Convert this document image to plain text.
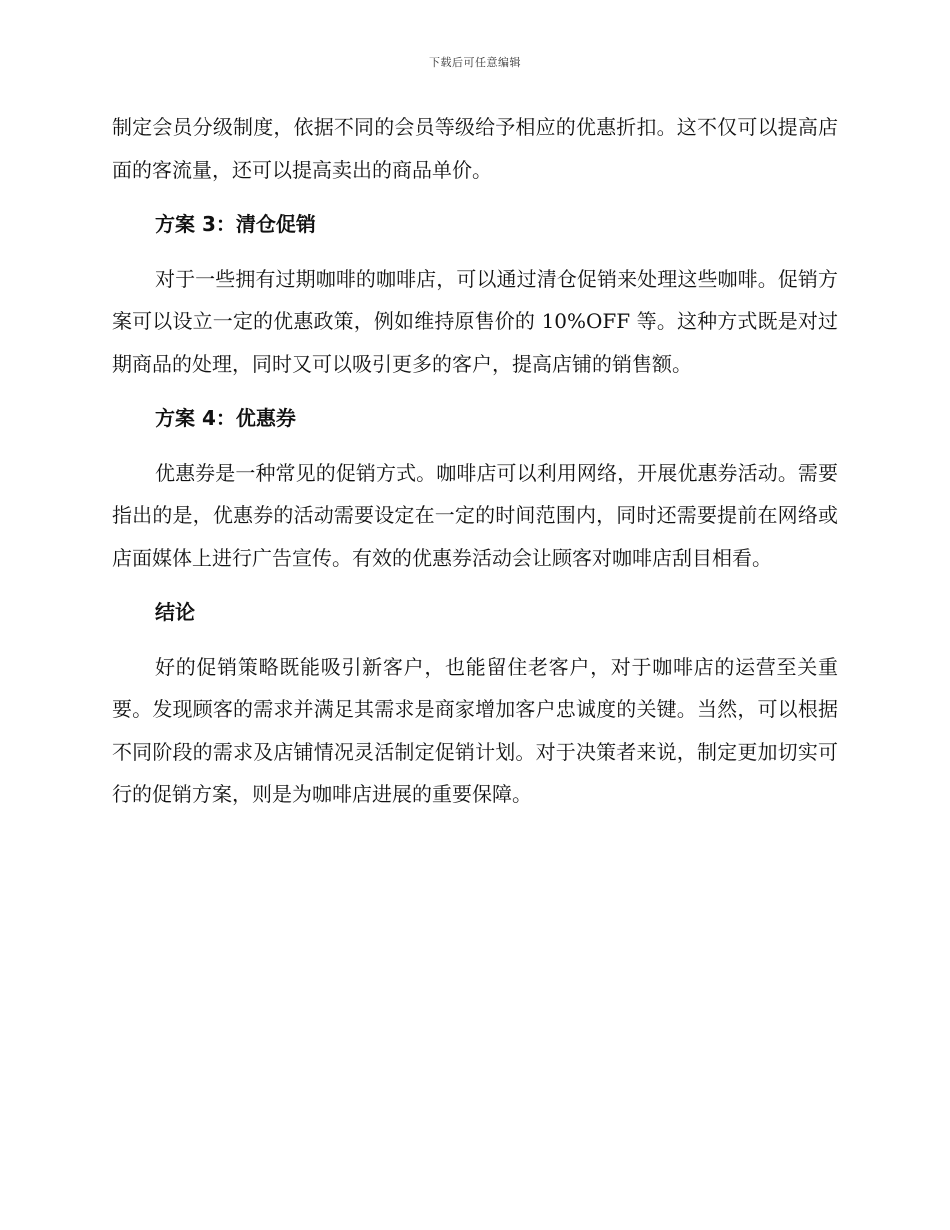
下载后可任意编辑

制定会员分级制度，依据不同的会员等级给予相应的优惠折扣。这不仅可以提高店面的客流量，还可以提高卖出的商品单价。

方案 3：清仓促销

对于一些拥有过期咖啡的咖啡店，可以通过清仓促销来处理这些咖啡。促销方案可以设立一定的优惠政策，例如维持原售价的 10%OFF 等。这种方式既是对过期商品的处理，同时又可以吸引更多的客户，提高店铺的销售额。

方案 4：优惠券

优惠券是一种常见的促销方式。咖啡店可以利用网络，开展优惠券活动。需要指出的是，优惠券的活动需要设定在一定的时间范围内，同时还需要提前在网络或店面媒体上进行广告宣传。有效的优惠券活动会让顾客对咖啡店刮目相看。

结论

好的促销策略既能吸引新客户，也能留住老客户，对于咖啡店的运营至关重要。发现顾客的需求并满足其需求是商家增加客户忠诚度的关键。当然，可以根据不同阶段的需求及店铺情况灵活制定促销计划。对于决策者来说，制定更加切实可行的促销方案，则是为咖啡店进展的重要保障。
